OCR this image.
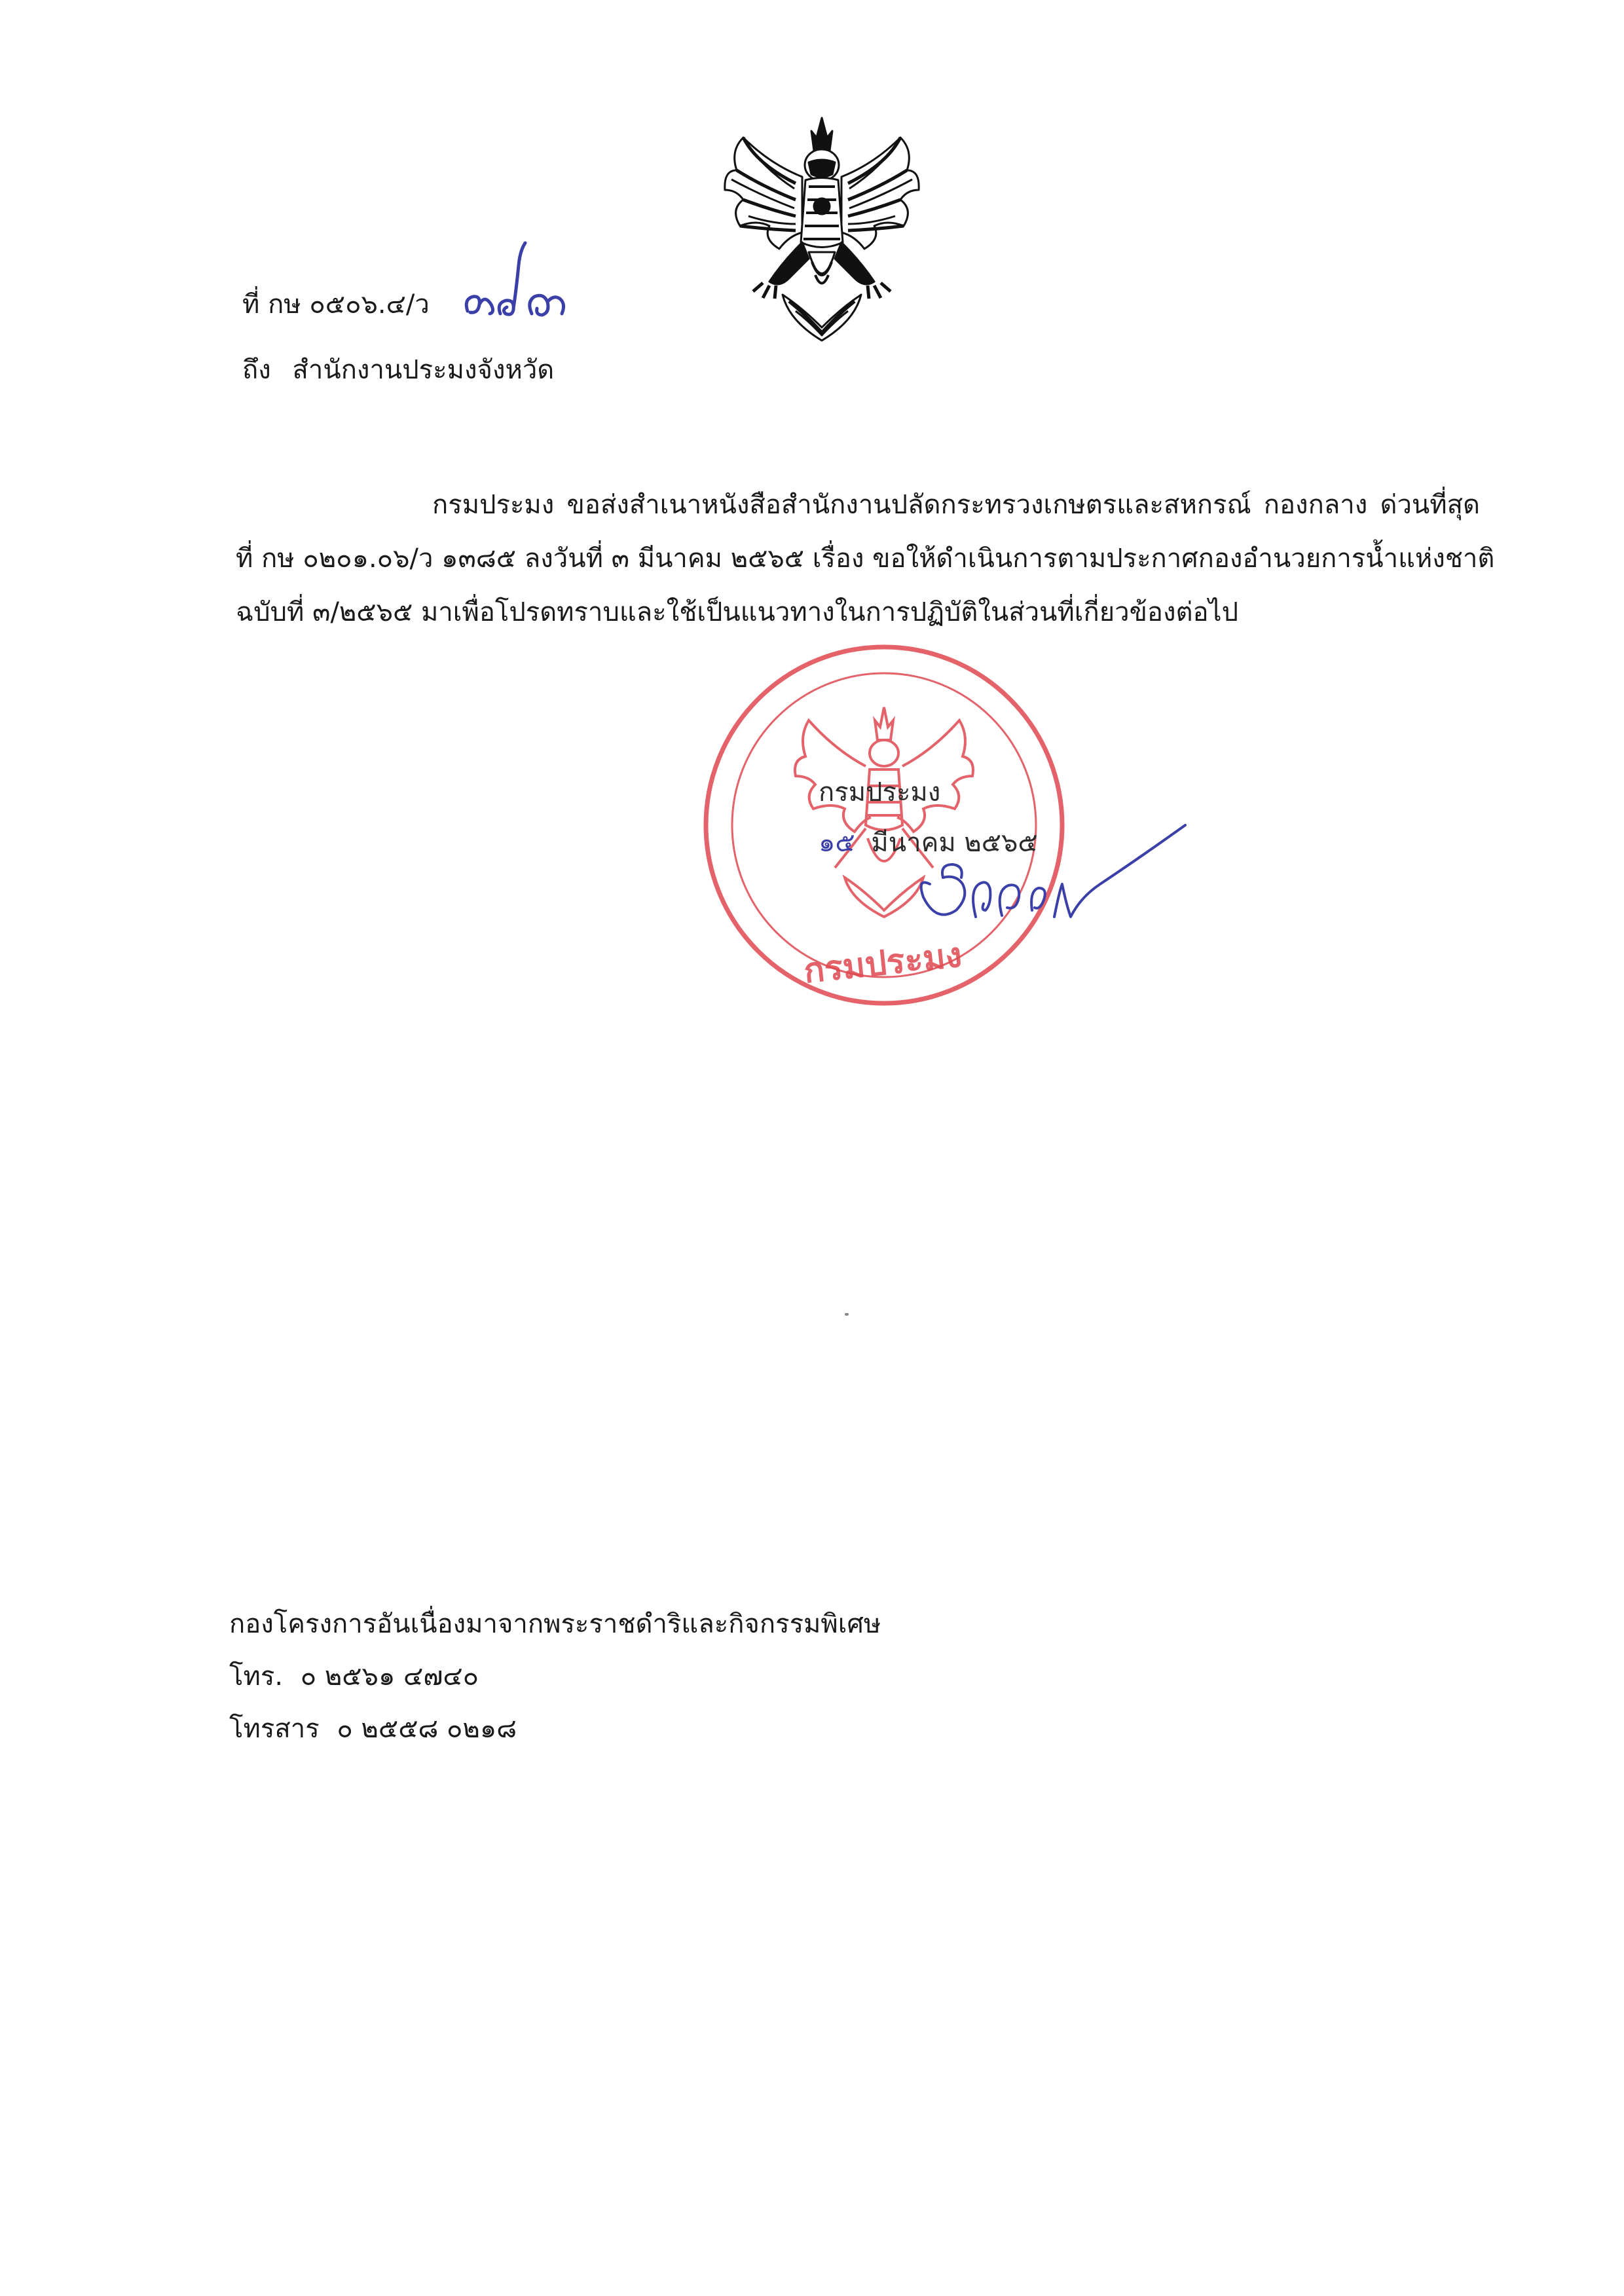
ที่ กษ ๐๕๐๖.๔/ว
ถึง สำนักงานประมงจังหวัด
กรมประมง ขอส่งสำเนาหนังสือสำนักงานปลัดกระทรวงเกษตรและสหกรณ์ กองกลาง ด่วนที่สุด
ที่ กษ ๐๒๐๑.๐๖/ว ๑๓๘๕ ลงวันที่ ๓ มีนาคม ๒๕๖๕ เรื่อง ขอให้ดำเนินการตามประกาศกองอำนวยการน้ำแห่งชาติ
ฉบับที่ ๓/๒๕๖๕ มาเพื่อโปรดทราบและใช้เป็นแนวทางในการปฏิบัติในส่วนที่เกี่ยวข้องต่อไป
กรมประมง
กรมประมง
๑๕ มีนาคม ๒๕๖๕
กองโครงการอันเนื่องมาจากพระราชดำริและกิจกรรมพิเศษ
โทร. ๐ ๒๕๖๑ ๔๗๔๐
โทรสาร ๐ ๒๕๕๘ ๐๒๑๘
